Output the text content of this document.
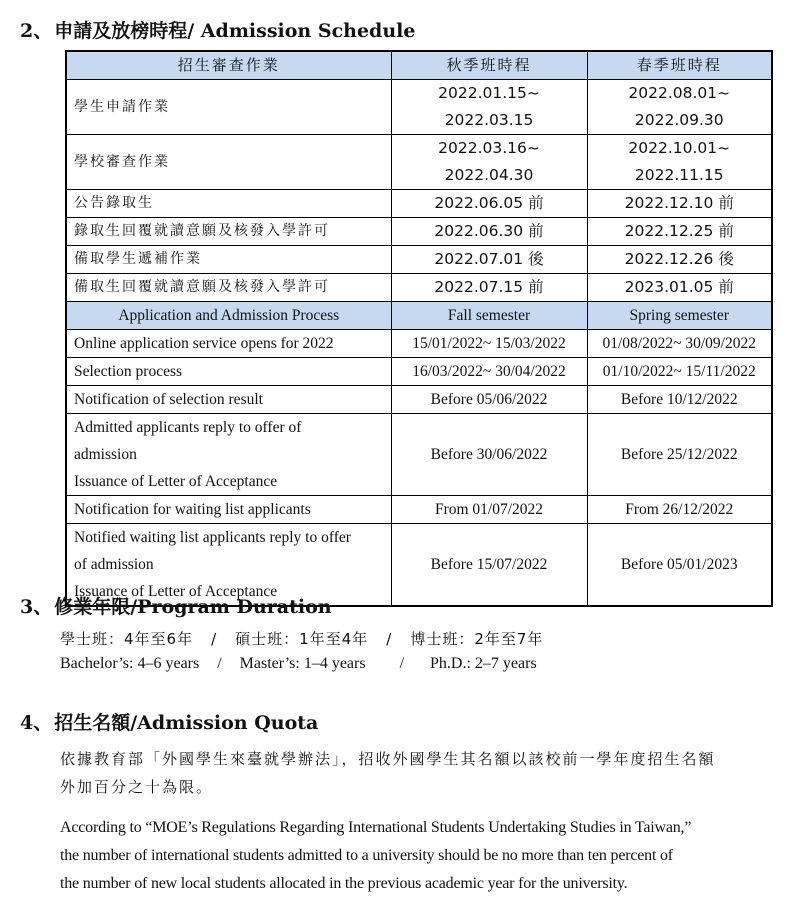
2、 申請及放榜時程/ Admission Schedule
招生審查作業	秋季班時程	春季班時程
學生申請作業	2022.01.15~ 2022.03.15	2022.08.01~ 2022.09.30
學校審查作業	2022.03.16~ 2022.04.30	2022.10.01~ 2022.11.15
公告錄取生	2022.06.05 前	2022.12.10 前
錄取生回覆就讀意願及核發入學許可	2022.06.30 前	2022.12.25 前
備取學生遞補作業	2022.07.01 後	2022.12.26 後
備取生回覆就讀意願及核發入學許可	2022.07.15 前	2023.01.05 前
Application and Admission Process	Fall semester	Spring semester

Online application service opens for 2022	15/01/2022~ 15/03/2022	01/08/2022~ 30/09/2022

Selection process	16/03/2022~ 30/04/2022	01/10/2022~ 15/11/2022

Notification of selection result	Before 05/06/2022	Before 10/12/2022

Admitted applicants reply to offer of
admission
Issuance of Letter of Acceptance	Before 30/06/2022	Before 25/12/2022

Notification for waiting list applicants	From 01/07/2022	From 26/12/2022

Notified waiting list applicants reply to offer
of admission
Issuance of Letter of Acceptance	Before 15/07/2022	Before 05/01/2023
3、 修業年限/Program Duration
學士班：4年至6年 / 碩士班：1年至4年 / 博士班：2年至7年
Bachelor’s: 4–6 years / Master’s: 1–4 years / Ph.D.: 2–7 years
4、 招生名額/Admission Quota
依據教育部「外國學生來臺就學辦法」，招收外國學生其名額以該校前一學年度招生名額
外加百分之十為限。
According to “MOE’s Regulations Regarding International Students Undertaking Studies in Taiwan,”
the number of international students admitted to a university should be no more than ten percent of
the number of new local students allocated in the previous academic year for the university.
